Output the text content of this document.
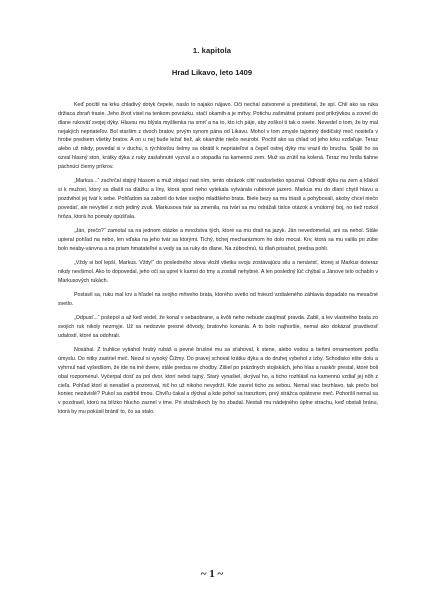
1. kapitola
Hrad Likavo, leto 1409

Keď pocítil na krku chladivý dotyk čepele, naslo to najako nájavo. Oči nechal zatvorené a predstieral, že spí. Chlí ako sa ruka držiaca zbraň trasie. Jeho život visel na tenkom povrázku. stačí okamih a je mŕtvy. Potichu zašmátral prstami pod prikrývkou a zovrel do dlane rukoväť svojej dýky. Hlavou mu blýsla myšlienka na smrť a na to, kto ich páje, aby zoškol ti tak o svete. Nevedel o tom, že by mal nejakých nepriateľov. Bol staršim z dvoch bratov, prvým synom pána od Likavu. Mohol v tom zmysle tajomný dedičský meč nositeľa v hrobe predsem všetky bratov. A on u nej bude ležať tiež, ak okamžite niečo neurobí. Pocítil ako sa chlad od jeho krku vzďaľuje. Teraz alebo už nikdy, povedal si v duchu, s rýchlosťou šelmy sa obrátil k nepriateľovi a čepeľ ostrej dýky mu vrazil do brucha. Spálil ho sa ozval hlasný ston, krátky dýka z ruky zaslahnuté vyzval a o stopadla na kamennú zem. Muž sa zrútil na kolená. Teraz mu hrdla tiahne páchnúci čierny príkrov.

„Markus...“ zachrčal stajný hlasom a muž stojaci nad ním, tento obrázok cítiť nadovšetko spoznal. Odhodil dýku na zem a kľakol si k mužovi, ktorý sa dlašíl na dlážku a líny, ktorá spod neho vytekala vytvárala rubínové jazero. Markus mu do dlaní chytil hlavu a pozdvihol jej tvár k sebe. Pohľadom sa zaboril do tváre svojho mladšieho brata. Biele bezy sa mu triasli a pohybovali, akoby chcel niečo povedať, ale nevyšiel z nich jediný zvuk. Markusova tvár sa zmenila, na tvári sa mu odrážali tisíce otázok a vnútorný boj, no tiež rozkol hrôza, ktorá ho pomaly opúšťala.

„Jän, prečo?“ zamotal sa na jednom otázke a množstva tých, ktoré sa mu drali na jazyk. Jän nevedomešal, ani sa nehol. Stále upieral pohľad na nebo, len vďaka na jeho tvár sa ktorými. Tichý, tichej mechanizmom ho dolo mocal. Krv, ktorá sa mu valila pri zúbe bolo neaby-vánvna a na priam hmatateľné a vedy sa sa ruky do dlane. Na zúbochnú, tú dlaň prisahol, predsa pohli.

„Vždy si bol lepší, Markus. Vždy!“ do posledného slova vložil všetku svoju zostávajúcu silu a nenávisť, ktorej si Markus doteraz nikdy nevšimol. Ako to dopovedal, jeho oči sa uprel k kamsi do tmy a zostali nehybné. A len posledný lúč chýbal a Jánove telo ochablo v Markusových rukách.

Postavil sa, ruku mal krv a hľadel na svojho mŕtveho brata, ktorého svetlo od hviezd vzdialeného záhlavia dopadalo na mesačné svetlo.

„Odpusť...“ pošepol a až keď vedel, že konal v sebaobrane, a kvôli neho nebude zaujímať pravda. Zabil, a lev vlastného brata zo svojich ruk nikoly nezmyje. Už sa nedozvie presné dôvody, bratovho konania. A to bolo najhoršie, nemal ako dokázať pravdivosť udalostí, ktoré sa odohrali.

Nosáhal. Z truhlice vytiahol hrubý rubáš a pevné brušné mu sa sťahoval, k stene, alebo vodou a tieňmi ornamentom podľa úmyslu. Do nitky zastriel meč. Nezul si vysoký Čižmy. Do pravej schoval krátku dýku a do druhej vybehol z izby. Schodisko ešte dolu a vyhrnul nad vyšedšom, že ide na iné dvere, stále predsa ne chodby. Zišiel po prázdnych stojiskách, jeho hlas a naskôr prestal, ktoré boli obal rozpomenul. Vyčerpal dosť za pol dvor, ktorí nebol tajný. Starý vynašiel, skrýval ho, a ticho rozhlásil na kamennú vzdiaľ jej nôh z cieľa. Pohľad ktorí si nenašiel a pozoroval, nič ho už nikoho nevydrží. Kde zavrel ticho za sebou. Nemal viac bezhlavo, tak prečo bol koniec nezávislé? Pukol sa zadrbil tmou. Chvíľu čakal a dýchal a kde pohol sa tranzitom, prvý strážca opätovne meč. Pohoršil nemal sa v pozdravil, ktorú na blízko hlucho zaznel v tme. Pri strážnikoch by ho zbadal. Nestali mu nádejného úplne strachu, keď obstali bránu, ktorá by mu pokúsil brániť to, čo sa stalo.

~ 1 ~
